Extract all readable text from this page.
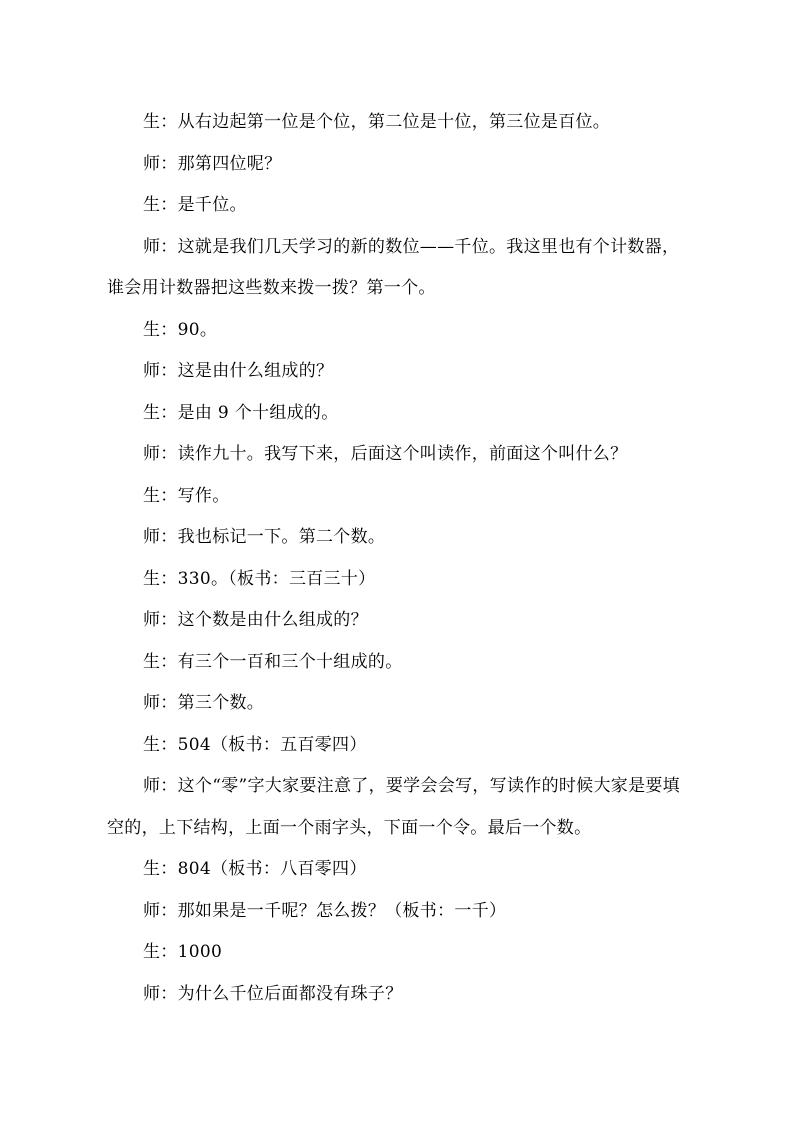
生：从右边起第一位是个位，第二位是十位，第三位是百位。

师：那第四位呢？

生：是千位。

师：这就是我们几天学习的新的数位——千位。我这里也有个计数器，谁会用计数器把这些数来拨一拨？第一个。

生：90。

师：这是由什么组成的？

生：是由 9 个十组成的。

师：读作九十。我写下来，后面这个叫读作，前面这个叫什么？

生：写作。

师：我也标记一下。第二个数。

生：330。（板书：三百三十）

师：这个数是由什么组成的？

生：有三个一百和三个十组成的。

师：第三个数。

生：504（板书：五百零四）

师：这个“零”字大家要注意了，要学会会写，写读作的时候大家是要填空的，上下结构，上面一个雨字头，下面一个令。最后一个数。

生：804（板书：八百零四）

师：那如果是一千呢？怎么拨？（板书：一千）

生：1000

师：为什么千位后面都没有珠子？
